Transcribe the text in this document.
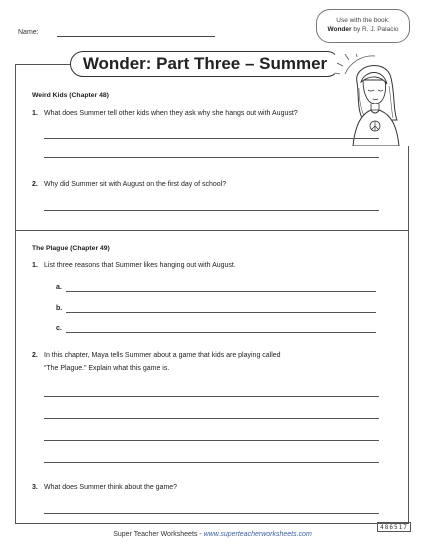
Name:
Use with the book:
Wonder by R. J. Palacio
Wonder: Part Three – Summer
Weird Kids (Chapter 48)
1. What does Summer tell other kids when they ask why she hangs out with August?
2. Why did Summer sit with August on the first day of school?
The Plague (Chapter 49)
1. List three reasons that Summer likes hanging out with August.
a.
b.
c.
2. In this chapter, Maya tells Summer about a game that kids are playing called
“The Plague.” Explain what this game is.
3. What does Summer think about the game?
Super Teacher Worksheets - www.superteacherworksheets.com
486517
